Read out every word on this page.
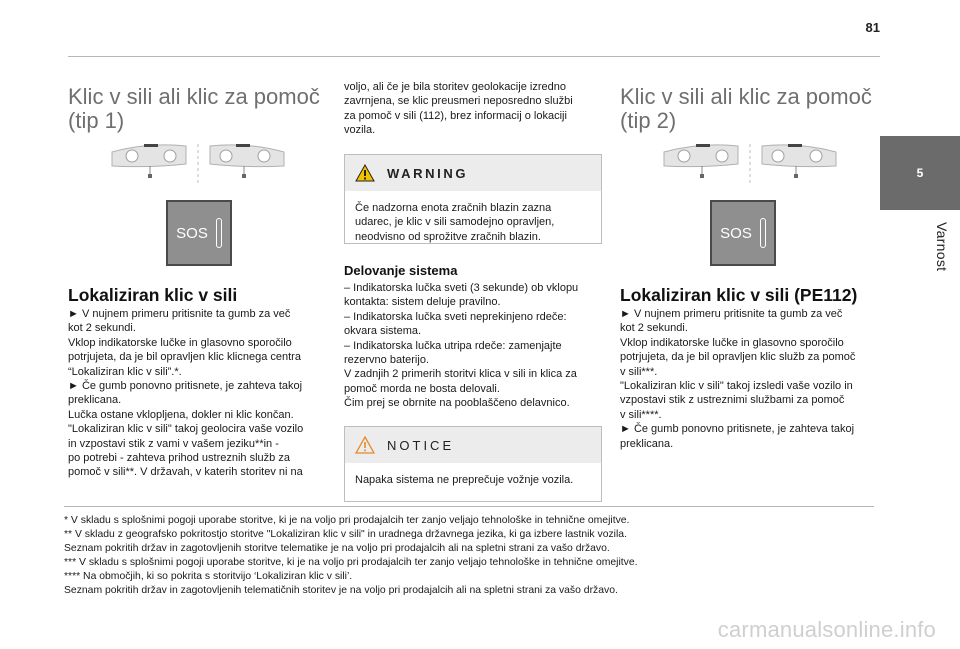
81
5
Varnost
Klic v sili ali klic za pomoč
(tip 1)
SOS
Lokaliziran klic v sili
► V nujnem primeru pritisnite ta gumb za več
kot 2 sekundi.
Vklop indikatorske lučke in glasovno sporočilo
potrjujeta, da je bil opravljen klic klicnega centra
“Lokaliziran klic v sili”.*.
► Če gumb ponovno pritisnete, je zahteva takoj
preklicana.
Lučka ostane vklopljena, dokler ni klic končan.
"Lokaliziran klic v sili" takoj geolocira vaše vozilo
in vzpostavi stik z vami v vašem jeziku**in -
po potrebi - zahteva prihod ustreznih služb za
pomoč v sili**. V državah, v katerih storitev ni na
voljo, ali če je bila storitev geolokacije izredno
zavrnjena, se klic preusmeri neposredno službi
za pomoč v sili (112), brez informacij o lokaciji
vozila.
WARNING
Če nadzorna enota zračnih blazin zazna
udarec, je klic v sili samodejno opravljen,
neodvisno od sprožitve zračnih blazin.
Delovanje sistema
– Indikatorska lučka sveti (3 sekunde) ob vklopu
kontakta: sistem deluje pravilno.
– Indikatorska lučka sveti neprekinjeno rdeče:
okvara sistema.
– Indikatorska lučka utripa rdeče: zamenjajte
rezervno baterijo.
V zadnjih 2 primerih storitvi klica v sili in klica za
pomoč morda ne bosta delovali.
Čim prej se obrnite na pooblaščeno delavnico.
NOTICE
Napaka sistema ne preprečuje vožnje vozila.
Klic v sili ali klic za pomoč
(tip 2)
SOS
Lokaliziran klic v sili (PE112)
► V nujnem primeru pritisnite ta gumb za več
kot 2 sekundi.
Vklop indikatorske lučke in glasovno sporočilo
potrjujeta, da je bil opravljen klic služb za pomoč
v sili***.
"Lokaliziran klic v sili" takoj izsledi vaše vozilo in
vzpostavi stik z ustreznimi službami za pomoč
v sili****.
► Če gumb ponovno pritisnete, je zahteva takoj
preklicana.
* V skladu s splošnimi pogoji uporabe storitve, ki je na voljo pri prodajalcih ter zanjo veljajo tehnološke in tehnične omejitve.
** V skladu z geografsko pokritostjo storitve "Lokaliziran klic v sili" in uradnega državnega jezika, ki ga izbere lastnik vozila.
Seznam pokritih držav in zagotovljenih storitve telematike je na voljo pri prodajalcih ali na spletni strani za vašo državo.
*** V skladu s splošnimi pogoji uporabe storitve, ki je na voljo pri prodajalcih ter zanjo veljajo tehnološke in tehnične omejitve.
**** Na območjih, ki so pokrita s storitvijo ‘Lokaliziran klic v sili’.
Seznam pokritih držav in zagotovljenih telematičnih storitev je na voljo pri prodajalcih ali na spletni strani za vašo državo.
carmanualsonline.info
